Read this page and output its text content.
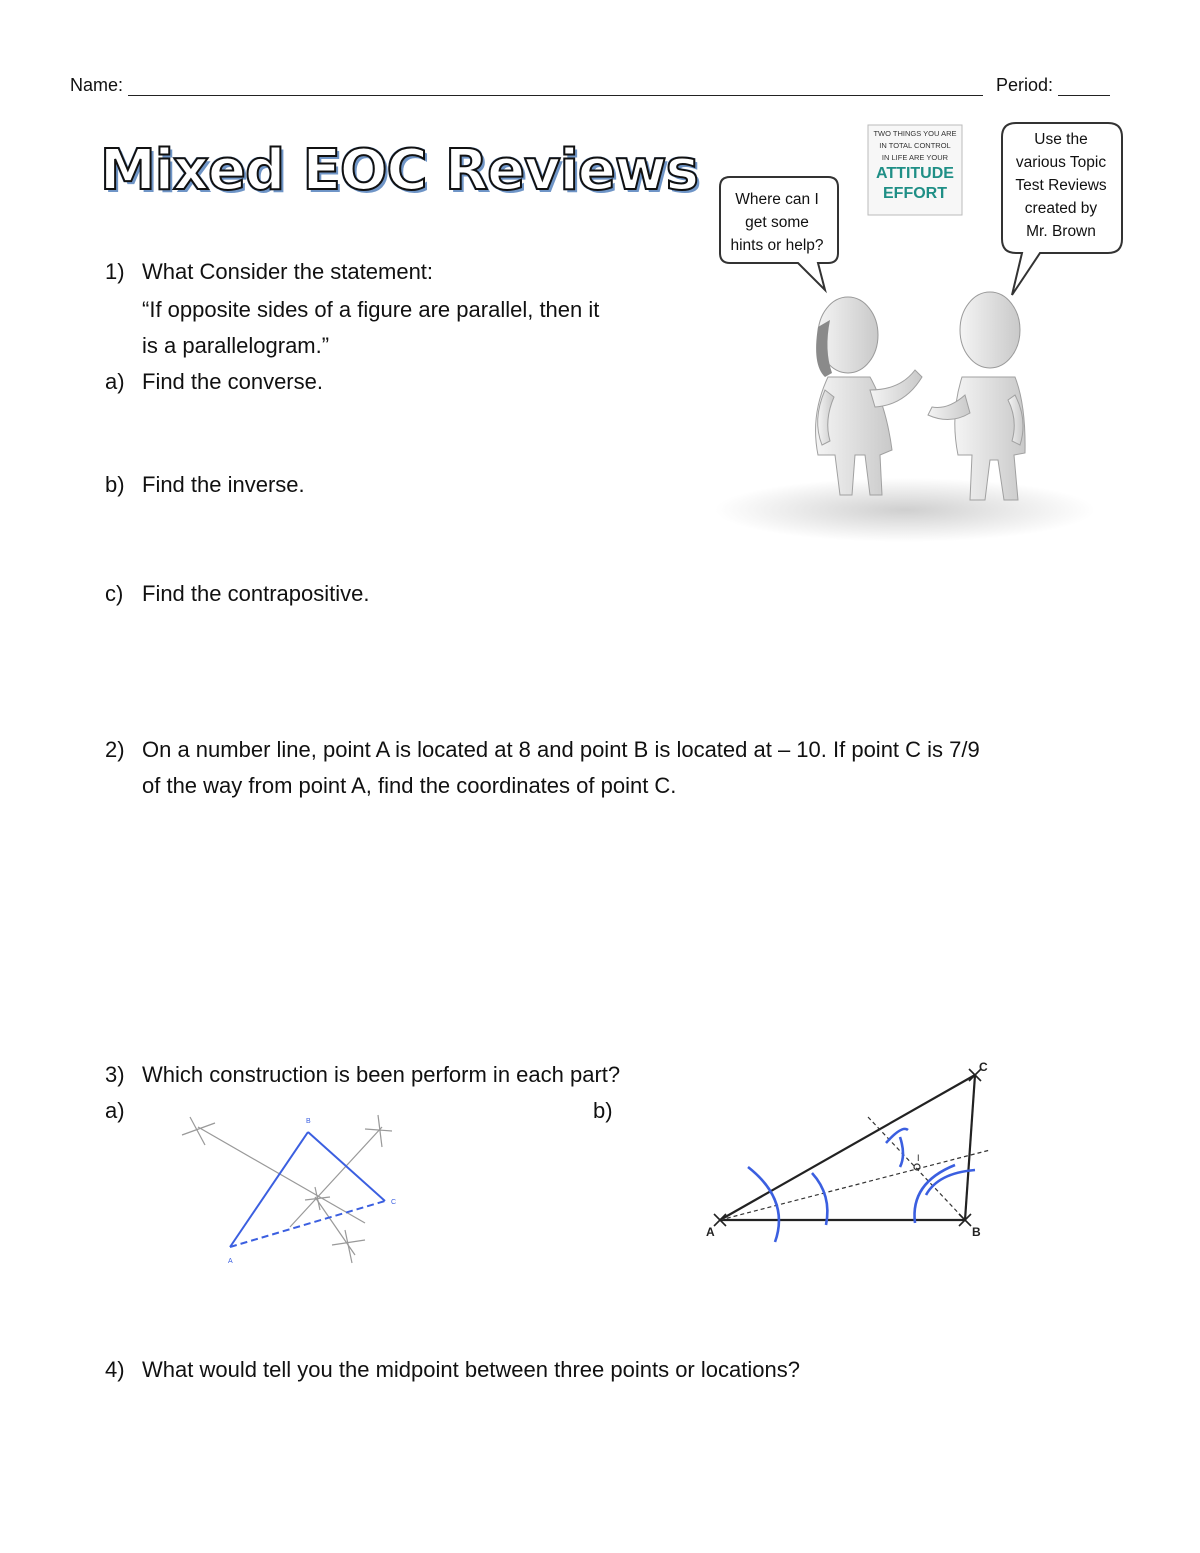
Name:	Period:
Mixed EOC Reviews	Where can I
get some
hints or help?
Use the
various Topic
Test Reviews
created by
Mr. Brown
TWO THINGS YOU ARE
IN TOTAL CONTROL
IN LIFE ARE YOUR
ATTITUDE
EFFORT
1) What Consider the statement:
“If opposite sides of a figure are parallel, then it
is a parallelogram.”
a) Find the converse.
b) Find the inverse.
c) Find the contrapositive.
2) On a number line, point A is located at 8 and point B is located at – 10. If point C is 7/9
of the way from point A, find the coordinates of point C.
3) Which construction is been perform in each part?
a)	b)
B
C
A
A	B
C
I
4) What would tell you the midpoint between three points or locations?
